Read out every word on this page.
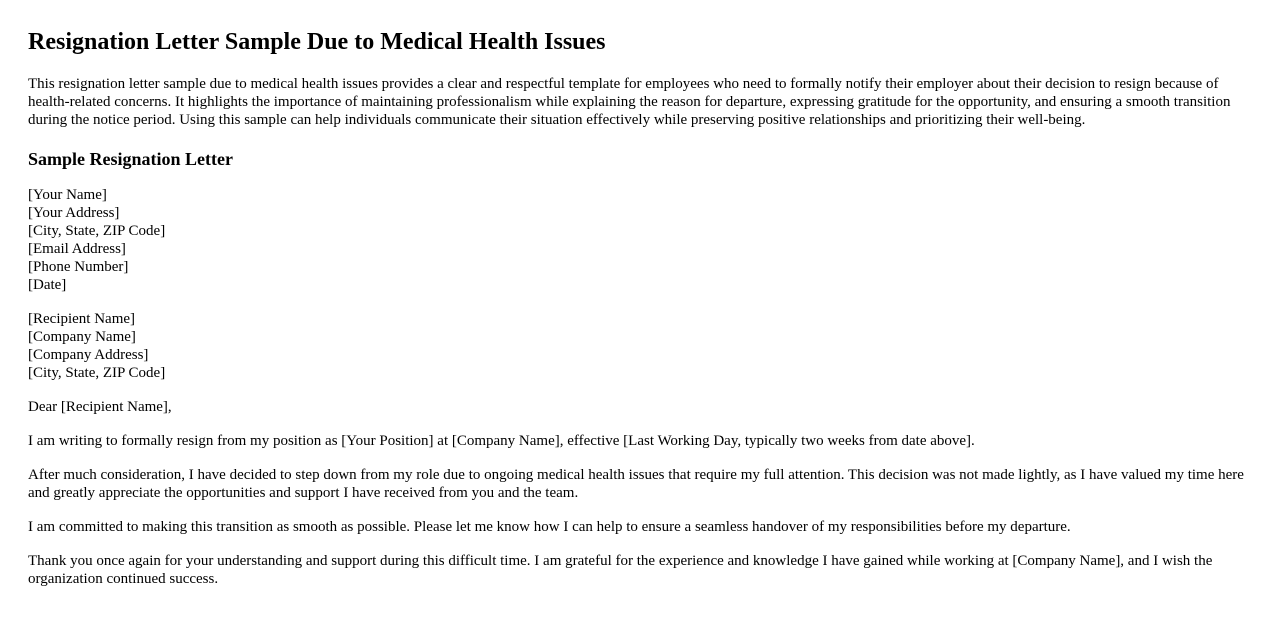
Resignation Letter Sample Due to Medical Health Issues

This resignation letter sample due to medical health issues provides a clear and respectful template for employees who need to formally notify their employer about their decision to resign because of health-related concerns. It highlights the importance of maintaining professionalism while explaining the reason for departure, expressing gratitude for the opportunity, and ensuring a smooth transition during the notice period. Using this sample can help individuals communicate their situation effectively while preserving positive relationships and prioritizing their well-being.

Sample Resignation Letter
[Your Name]
[Your Address]
[City, State, ZIP Code]
[Email Address]
[Phone Number]
[Date]
[Recipient Name]
[Company Name]
[Company Address]
[City, State, ZIP Code]

Dear [Recipient Name],

I am writing to formally resign from my position as [Your Position] at [Company Name], effective [Last Working Day, typically two weeks from date above].

After much consideration, I have decided to step down from my role due to ongoing medical health issues that require my full attention. This decision was not made lightly, as I have valued my time here and greatly appreciate the opportunities and support I have received from you and the team.

I am committed to making this transition as smooth as possible. Please let me know how I can help to ensure a seamless handover of my responsibilities before my departure.

Thank you once again for your understanding and support during this difficult time. I am grateful for the experience and knowledge I have gained while working at [Company Name], and I wish the organization continued success.
